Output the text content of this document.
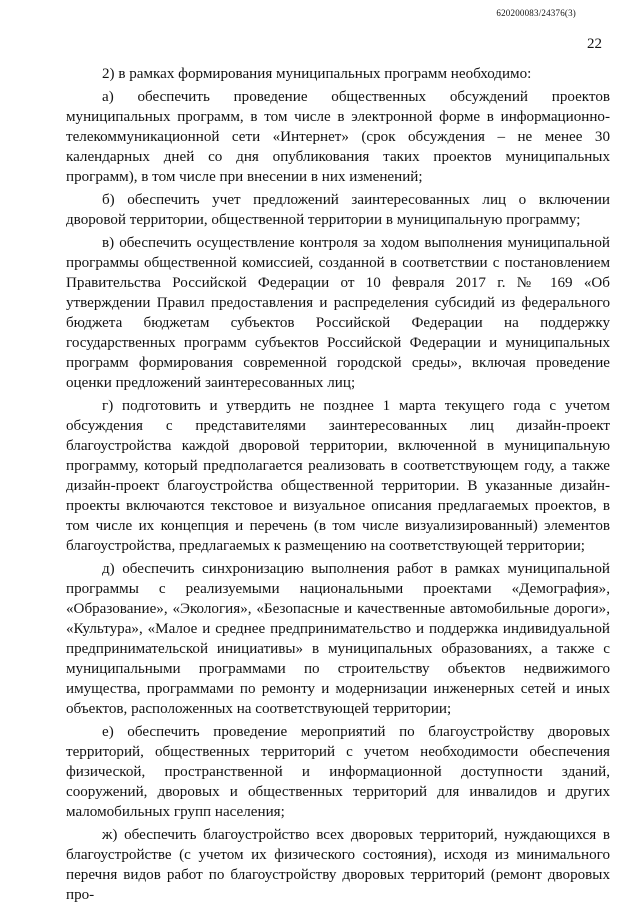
620200083/24376(3)
22

2) в рамках формирования муниципальных программ необходимо:

а) обеспечить проведение общественных обсуждений проектов муниципальных программ, в том числе в электронной форме в информационно-телекоммуникационной сети «Интернет» (срок обсуждения – не менее 30 календарных дней со дня опубликования таких проектов муниципальных программ), в том числе при внесении в них изменений;

б) обеспечить учет предложений заинтересованных лиц о включении дворовой территории, общественной территории в муниципальную программу;

в) обеспечить осуществление контроля за ходом выполнения муниципальной программы общественной комиссией, созданной в соответствии с постановлением Правительства Российской Федерации от 10 февраля 2017 г. № 169 «Об утверждении Правил предоставления и распределения субсидий из федерального бюджета бюджетам субъектов Российской Федерации на поддержку государственных программ субъектов Российской Федерации и муниципальных программ формирования современной городской среды», включая проведение оценки предложений заинтересованных лиц;

г) подготовить и утвердить не позднее 1 марта текущего года с учетом обсуждения с представителями заинтересованных лиц дизайн-проект благоустройства каждой дворовой территории, включенной в муниципальную программу, который предполагается реализовать в соответствующем году, а также дизайн-проект благоустройства общественной территории. В указанные дизайн-проекты включаются текстовое и визуальное описания предлагаемых проектов, в том числе их концепция и перечень (в том числе визуализированный) элементов благоустройства, предлагаемых к размещению на соответствующей территории;

д) обеспечить синхронизацию выполнения работ в рамках муниципальной программы с реализуемыми национальными проектами «Демография», «Образование», «Экология», «Безопасные и качественные автомобильные дороги», «Культура», «Малое и среднее предпринимательство и поддержка индивидуальной предпринимательской инициативы» в муниципальных образованиях, а также с муниципальными программами по строительству объектов недвижимого имущества, программами по ремонту и модернизации инженерных сетей и иных объектов, расположенных на соответствующей территории;

е) обеспечить проведение мероприятий по благоустройству дворовых территорий, общественных территорий с учетом необходимости обеспечения физической, пространственной и информационной доступности зданий, сооружений, дворовых и общественных территорий для инвалидов и других маломобильных групп населения;

ж) обеспечить благоустройство всех дворовых территорий, нуждающихся в благоустройстве (с учетом их физического состояния), исходя из минимального перечня видов работ по благоустройству дворовых территорий (ремонт дворовых про-
